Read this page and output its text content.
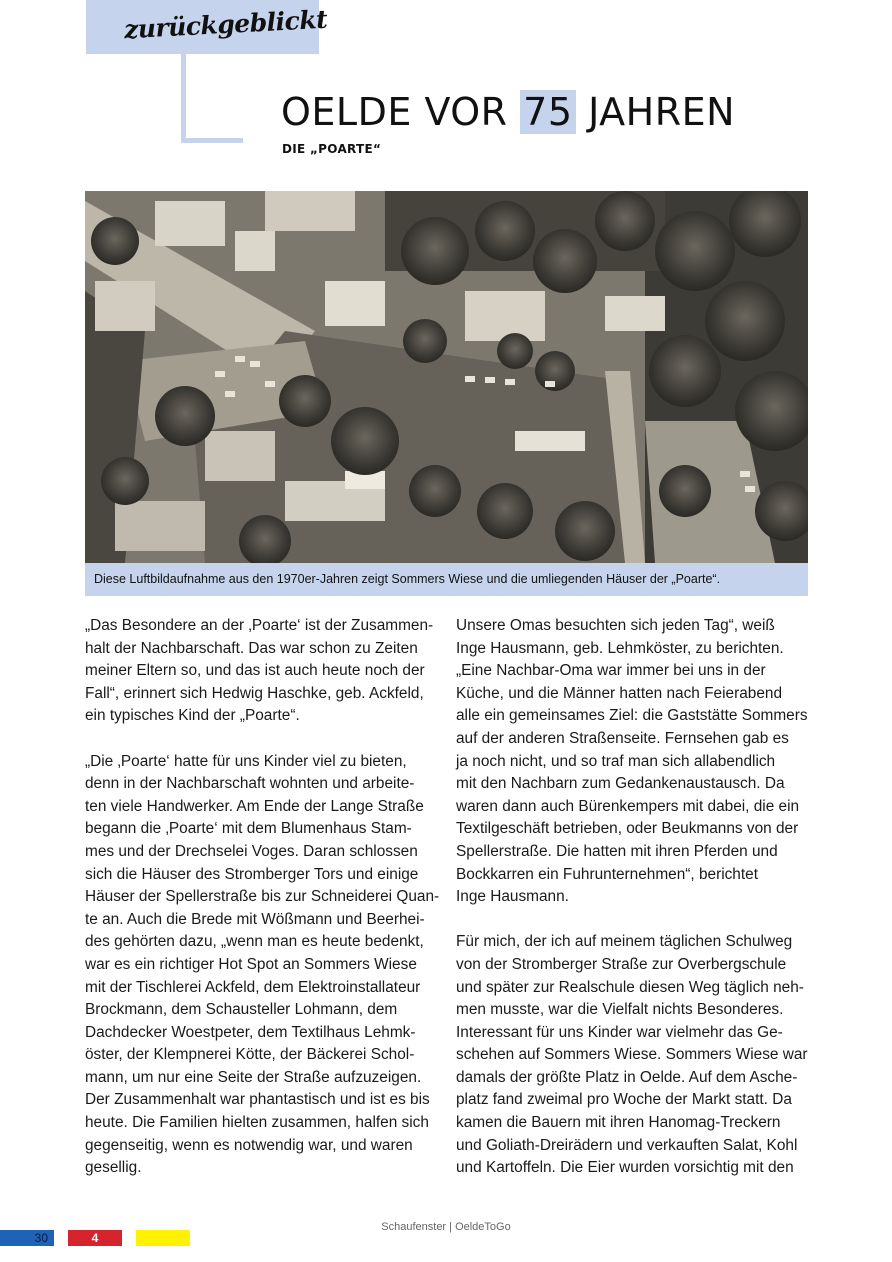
zurückgeblickt
OELDE VOR 75 JAHREN
DIE „POARTE“
Diese Luftbildaufnahme aus den 1970er-Jahren zeigt Sommers Wiese und die umliegenden Häuser der „Poarte“.

„Das Besondere an der ‚Poarte‘ ist der Zusammen-
halt der Nachbarschaft. Das war schon zu Zeiten
meiner Eltern so, und das ist auch heute noch der
Fall“, erinnert sich Hedwig Haschke, geb. Ackfeld,
ein typisches Kind der „Poarte“.

„Die ‚Poarte‘ hatte für uns Kinder viel zu bieten,
denn in der Nachbarschaft wohnten und arbeite-
ten viele Handwerker. Am Ende der Lange Straße
begann die ‚Poarte‘ mit dem Blumenhaus Stam-
mes und der Drechselei Voges. Daran schlossen
sich die Häuser des Stromberger Tors und einige
Häuser der Spellerstraße bis zur Schneiderei Quan-
te an. Auch die Brede mit Wößmann und Beerhei-
des gehörten dazu, „wenn man es heute bedenkt,
war es ein richtiger Hot Spot an Sommers Wiese
mit der Tischlerei Ackfeld, dem Elektroinstallateur
Brockmann, dem Schausteller Lohmann, dem
Dachdecker Woestpeter, dem Textilhaus Lehmk-
öster, der Klempnerei Kötte, der Bäckerei Schol-
mann, um nur eine Seite der Straße aufzuzeigen.
Der Zusammenhalt war phantastisch und ist es bis
heute. Die Familien hielten zusammen, halfen sich
gegenseitig, wenn es notwendig war, und waren
gesellig.

Unsere Omas besuchten sich jeden Tag“, weiß
Inge Hausmann, geb. Lehmköster, zu berichten.
„Eine Nachbar-Oma war immer bei uns in der
Küche, und die Männer hatten nach Feierabend
alle ein gemeinsames Ziel: die Gaststätte Sommers
auf der anderen Straßenseite. Fernsehen gab es
ja noch nicht, und so traf man sich allabendlich
mit den Nachbarn zum Gedankenaustausch. Da
waren dann auch Bürenkempers mit dabei, die ein
Textilgeschäft betrieben, oder Beukmanns von der
Spellerstraße. Die hatten mit ihren Pferden und
Bockkarren ein Fuhrunternehmen“, berichtet
Inge Hausmann.

Für mich, der ich auf meinem täglichen Schulweg
von der Stromberger Straße zur Overbergschule
und später zur Realschule diesen Weg täglich neh-
men musste, war die Vielfalt nichts Besonderes.
Interessant für uns Kinder war vielmehr das Ge-
schehen auf Sommers Wiese. Sommers Wiese war
damals der größte Platz in Oelde. Auf dem Asche-
platz fand zweimal pro Woche der Markt statt. Da
kamen die Bauern mit ihren Hanomag-Treckern
und Goliath-Dreirädern und verkauften Salat, Kohl
und Kartoffeln. Die Eier wurden vorsichtig mit den

Schaufenster | OeldeToGo
30	4
